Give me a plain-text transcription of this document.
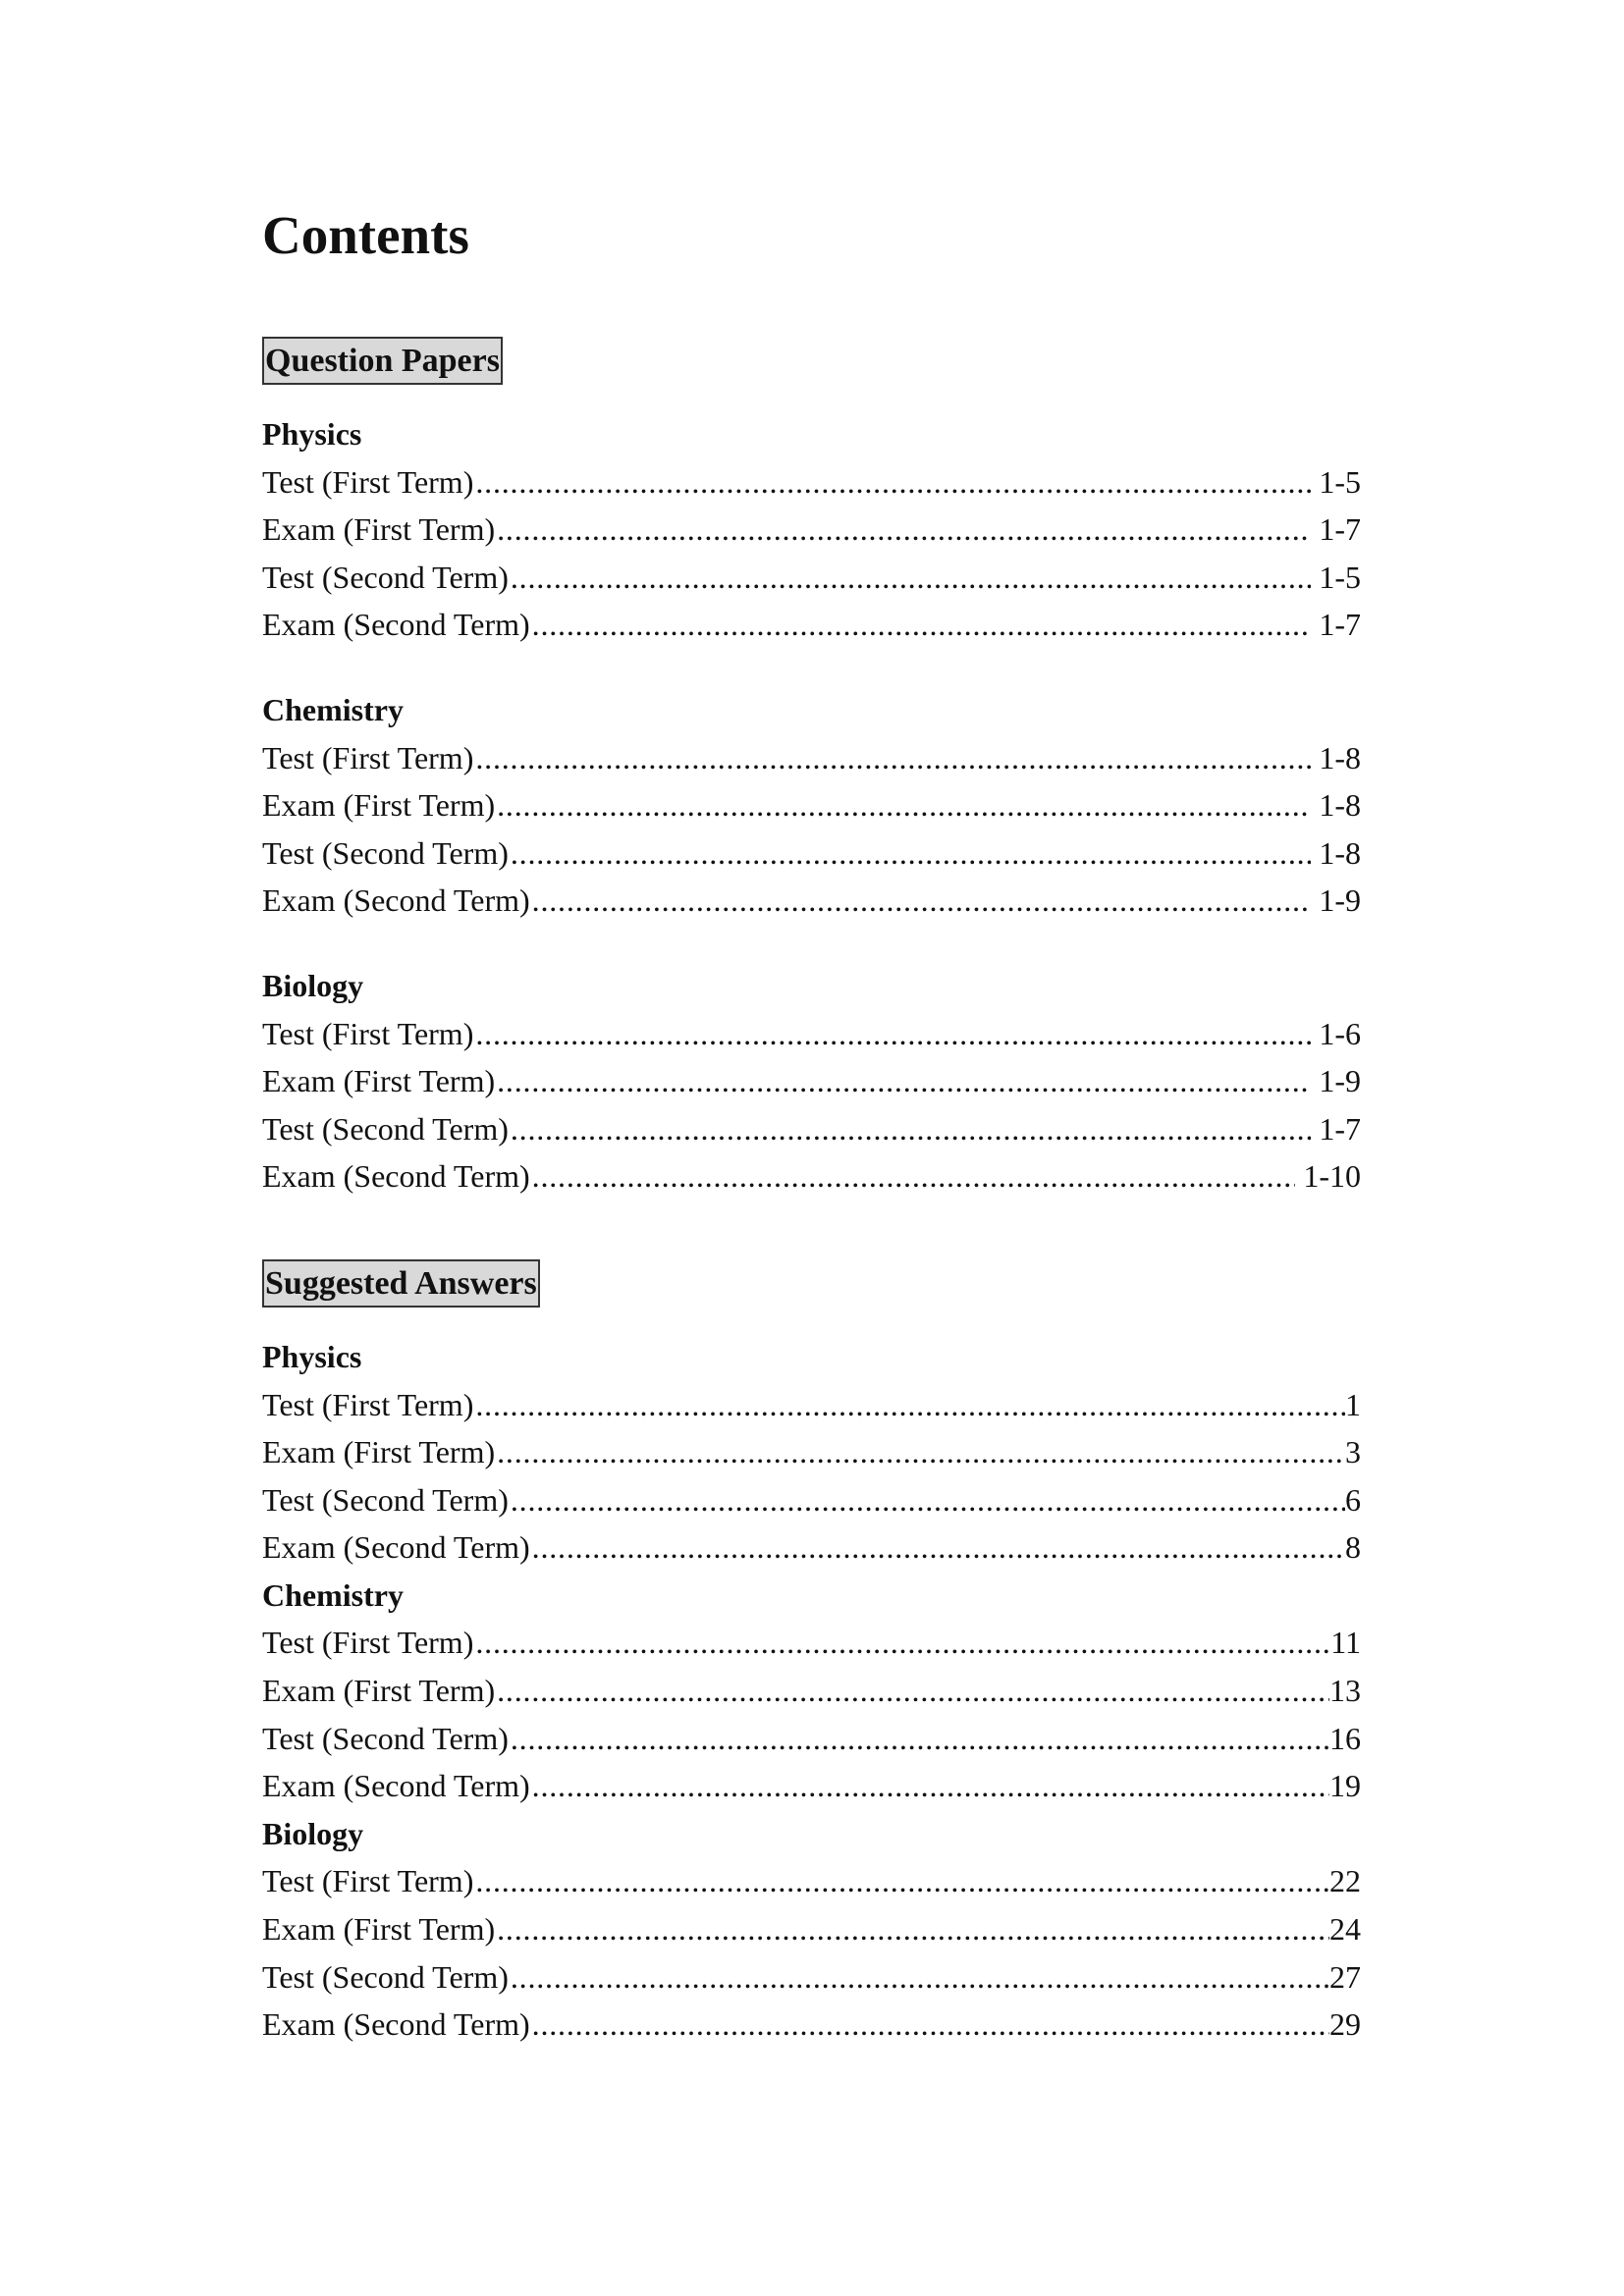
Contents
Question Papers
Physics
Test (First Term) .....	1-5
Exam (First Term) .....	1-7
Test (Second Term) .....	1-5
Exam (Second Term) .....	1-7
Chemistry
Test (First Term) .....	1-8
Exam (First Term) .....	1-8
Test (Second Term) .....	1-8
Exam (Second Term) .....	1-9
Biology
Test (First Term) .....	1-6
Exam (First Term) .....	1-9
Test (Second Term) .....	1-7
Exam (Second Term) .....	1-10
Suggested Answers
Physics
Test (First Term) .....	1
Exam (First Term) .....	3
Test (Second Term) .....	6
Exam (Second Term) .....	8
Chemistry
Test (First Term) .....	11
Exam (First Term) .....	13
Test (Second Term) .....	16
Exam (Second Term) .....	19
Biology
Test (First Term) .....	22
Exam (First Term) .....	24
Test (Second Term) .....	27
Exam (Second Term) .....	29
